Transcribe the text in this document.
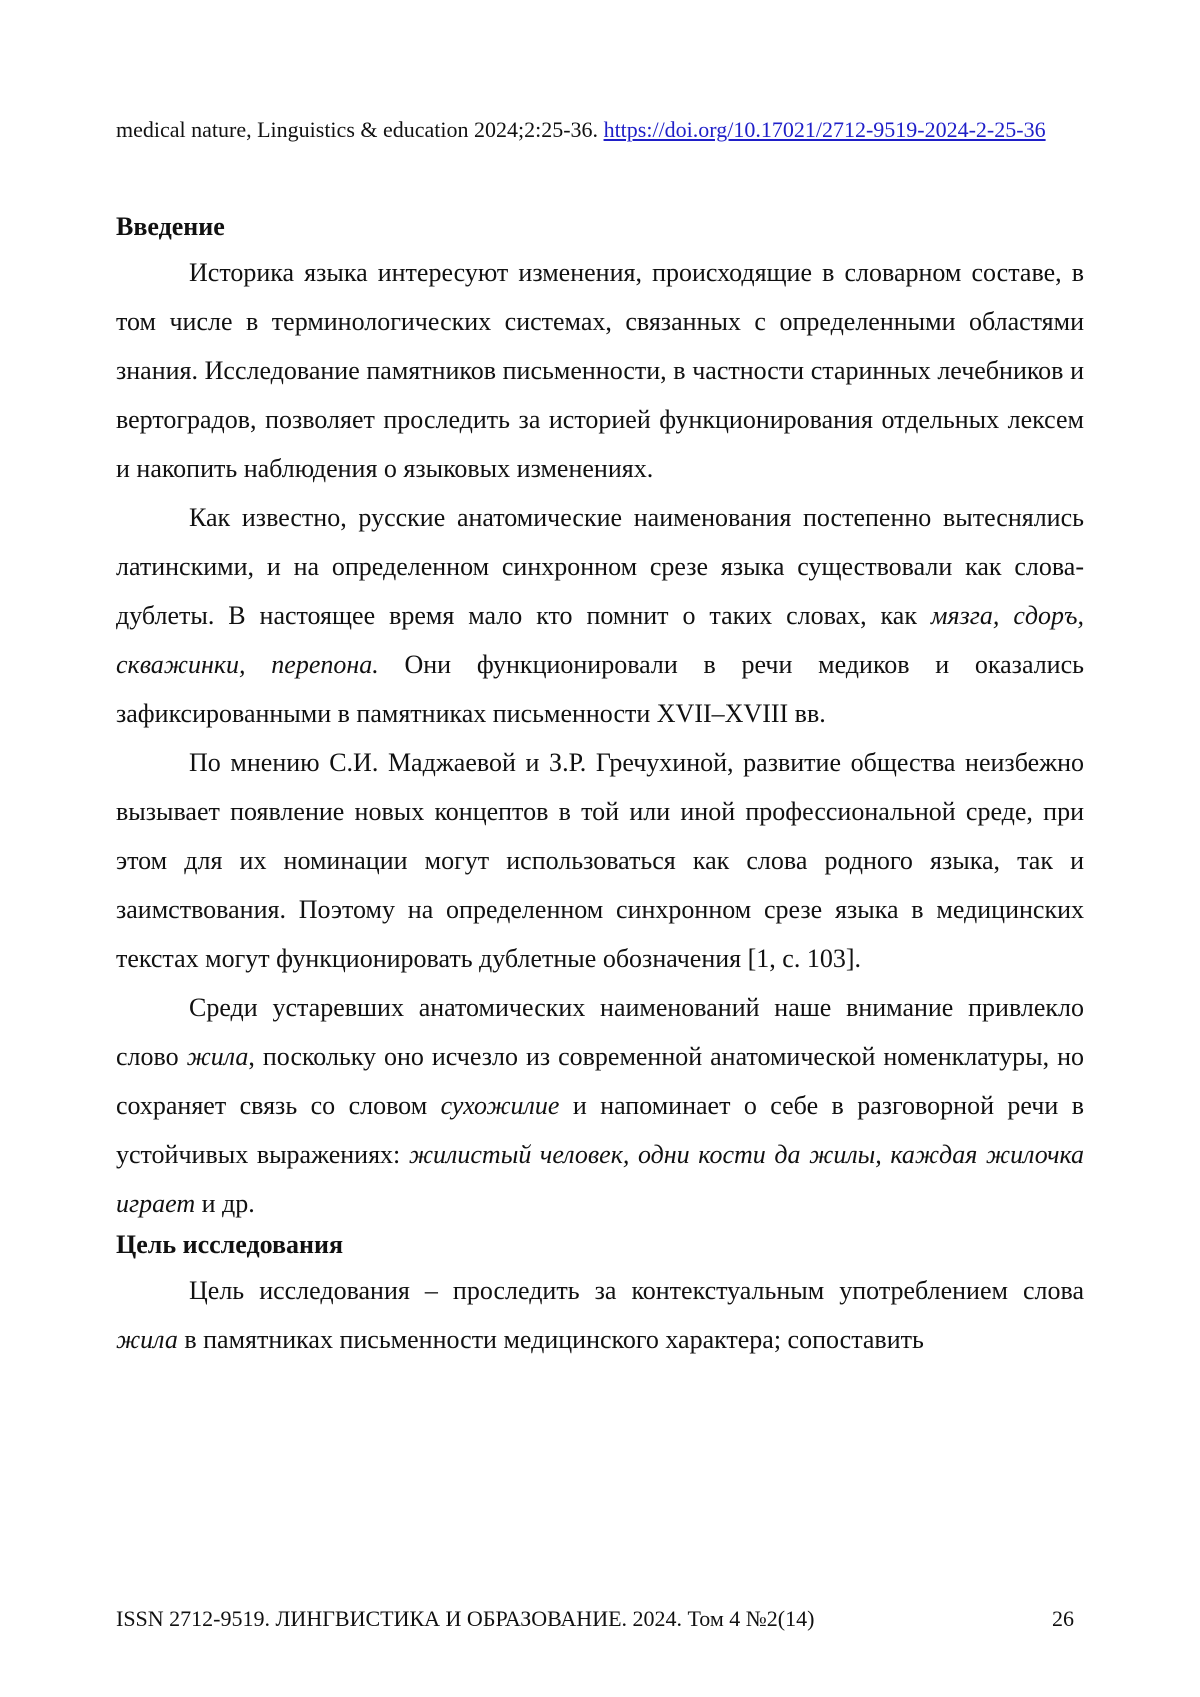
medical nature, Linguistics & education 2024;2:25-36. https://doi.org/10.17021/2712-9519-2024-2-25-36
Введение

Историка языка интересуют изменения, происходящие в словарном составе, в том числе в терминологических системах, связанных с определенными областями знания. Исследование памятников письменности, в частности старинных лечебников и вертоградов, позволяет проследить за историей функционирования отдельных лексем и накопить наблюдения о языковых изменениях.

Как известно, русские анатомические наименования постепенно вытеснялись латинскими, и на определенном синхронном срезе языка существовали как слова-дублеты. В настоящее время мало кто помнит о таких словах, как мязга, сдоръ, скважинки, перепона. Они функционировали в речи медиков и оказались зафиксированными в памятниках письменности XVII–XVIII вв.

По мнению С.И. Маджаевой и З.Р. Гречухиной, развитие общества неизбежно вызывает появление новых концептов в той или иной профессиональной среде, при этом для их номинации могут использоваться как слова родного языка, так и заимствования. Поэтому на определенном синхронном срезе языка в медицинских текстах могут функционировать дублетные обозначения [1, с. 103].

Среди устаревших анатомических наименований наше внимание привлекло слово жила, поскольку оно исчезло из современной анатомической номенклатуры, но сохраняет связь со словом сухожилие и напоминает о себе в разговорной речи в устойчивых выражениях: жилистый человек, одни кости да жилы, каждая жилочка играет и др.

Цель исследования

Цель исследования – проследить за контекстуальным употреблением слова жила в памятниках письменности медицинского характера; сопоставить

ISSN 2712-9519. ЛИНГВИСТИКА И ОБРАЗОВАНИЕ. 2024. Том 4 №2(14)	26
